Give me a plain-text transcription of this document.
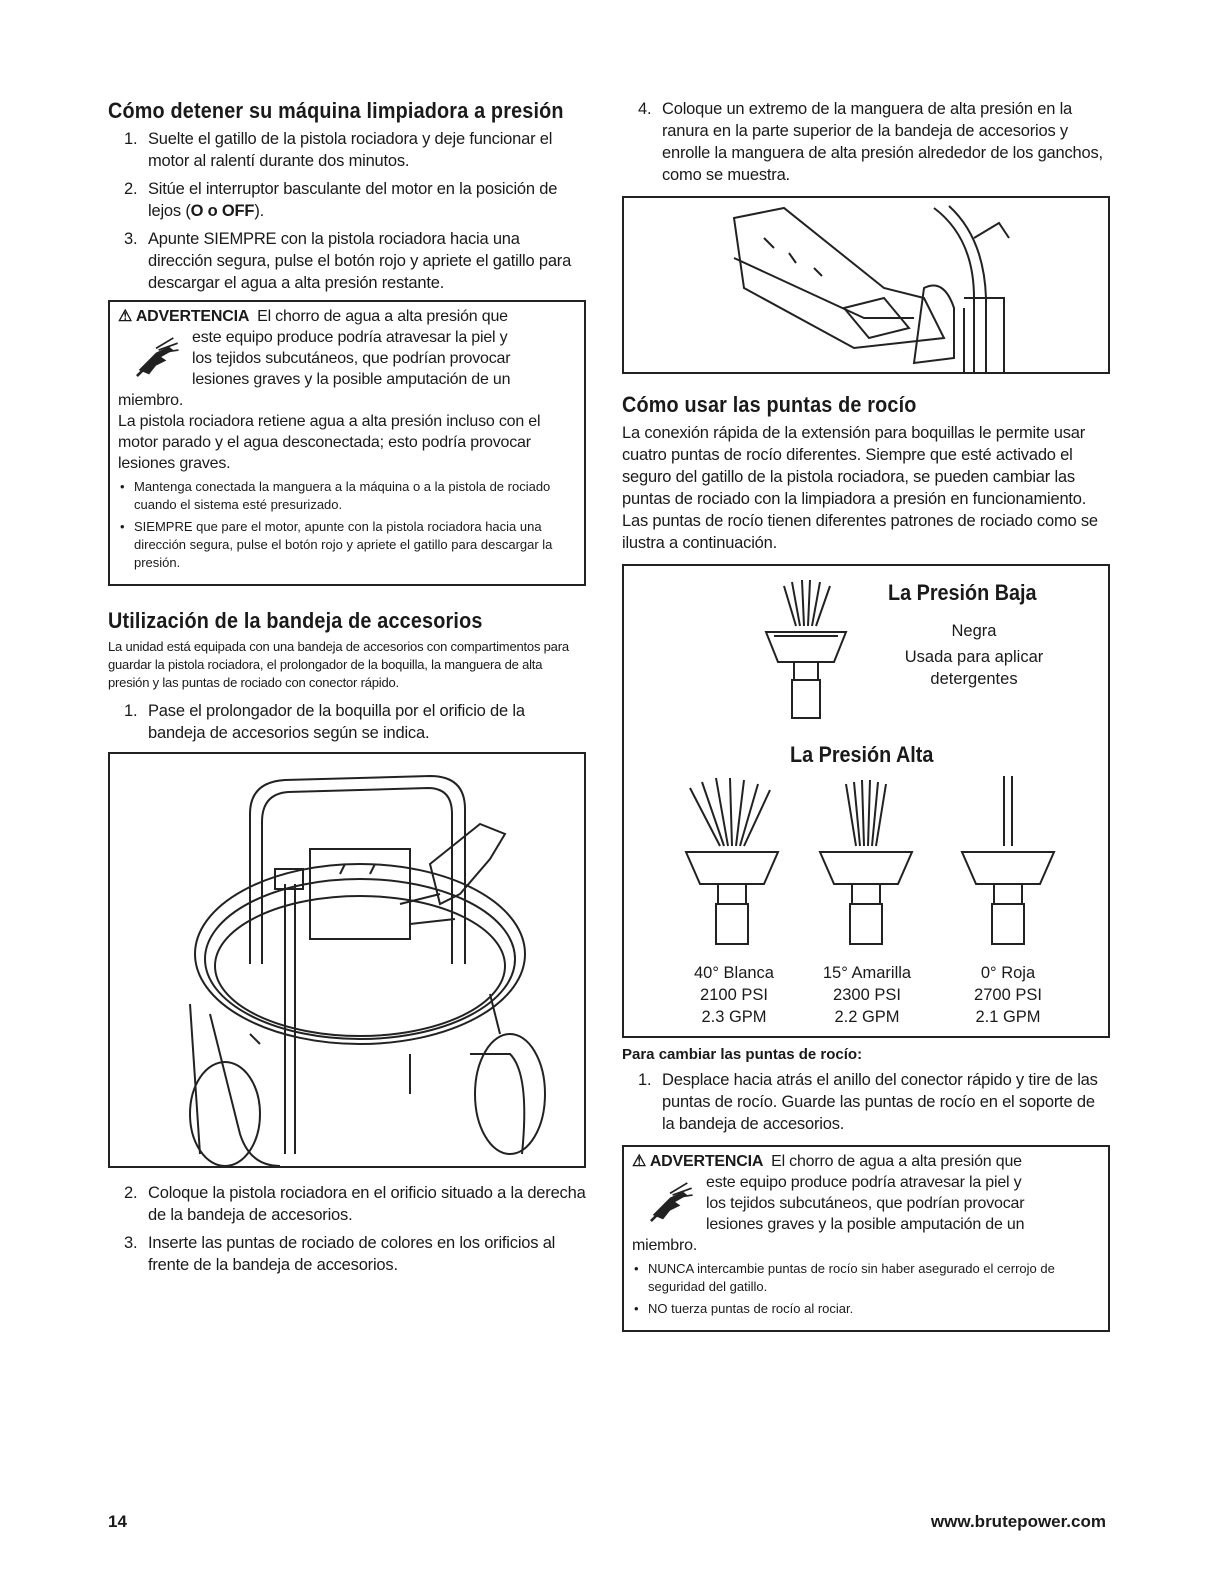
Cómo detener su máquina limpiadora a presión
1. Suelte el gatillo de la pistola rociadora y deje funcionar el motor al ralentí durante dos minutos.
2. Sitúe el interruptor basculante del motor en la posición de lejos (O o OFF).
3. Apunte SIEMPRE con la pistola rociadora hacia una dirección segura, pulse el botón rojo y apriete el gatillo para descargar el agua a alta presión restante.
⚠ ADVERTENCIA El chorro de agua a alta presión que
este equipo produce podría atravesar la piel y
los tejidos subcutáneos, que podrían provocar
lesiones graves y la posible amputación de un
miembro.
La pistola rociadora retiene agua a alta presión incluso con el motor parado y el agua desconectada; esto podría provocar lesiones graves.
• Mantenga conectada la manguera a la máquina o a la pistola de rociado cuando el sistema esté presurizado.
• SIEMPRE que pare el motor, apunte con la pistola rociadora hacia una dirección segura, pulse el botón rojo y apriete el gatillo para descargar la presión.
Utilización de la bandeja de accesorios
La unidad está equipada con una bandeja de accesorios con compartimentos para guardar la pistola rociadora, el prolongador de la boquilla, la manguera de alta presión y las puntas de rociado con conector rápido.
1. Pase el prolongador de la boquilla por el orificio de la bandeja de accesorios según se indica.
2. Coloque la pistola rociadora en el orificio situado a la derecha de la bandeja de accesorios.
3. Inserte las puntas de rociado de colores en los orificios al frente de la bandeja de accesorios.
4. Coloque un extremo de la manguera de alta presión en la ranura en la parte superior de la bandeja de accesorios y enrolle la manguera de alta presión alrededor de los ganchos, como se muestra.
Cómo usar las puntas de rocío
La conexión rápida de la extensión para boquillas le permite usar cuatro puntas de rocío diferentes. Siempre que esté activado el seguro del gatillo de la pistola rociadora, se pueden cambiar las puntas de rociado con la limpiadora a presión en funcionamiento. Las puntas de rocío tienen diferentes patrones de rociado como se ilustra a continuación.
La Presión Baja
Negra
Usada para aplicar detergentes
La Presión Alta
40° Blanca
2100 PSI
2.3 GPM
15° Amarilla
2300 PSI
2.2 GPM
0° Roja
2700 PSI
2.1 GPM
Para cambiar las puntas de rocío:
1. Desplace hacia atrás el anillo del conector rápido y tire de las puntas de rocío. Guarde las puntas de rocío en el soporte de la bandeja de accesorios.
⚠ ADVERTENCIA El chorro de agua a alta presión que
este equipo produce podría atravesar la piel y
los tejidos subcutáneos, que podrían provocar
lesiones graves y la posible amputación de un
miembro.
• NUNCA intercambie puntas de rocío sin haber asegurado el cerrojo de seguridad del gatillo.
• NO tuerza puntas de rocío al rociar.
14	www.brutepower.com
